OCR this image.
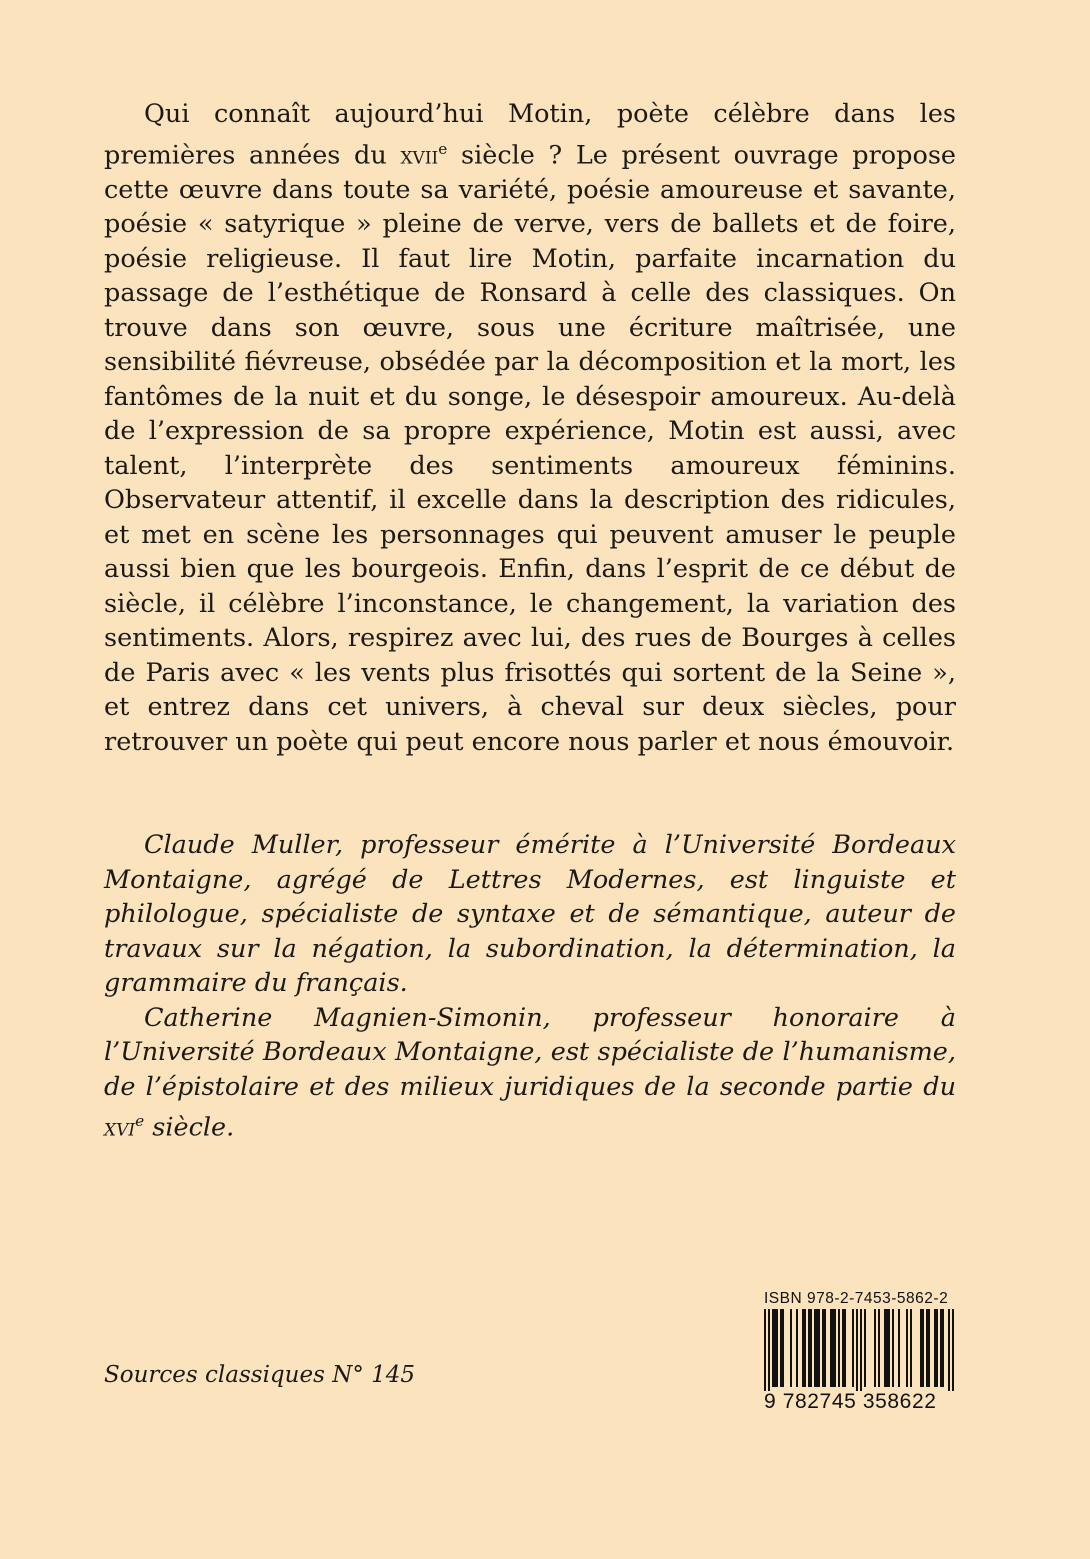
Qui connaît aujourd’hui Motin, poète célèbre dans les premières années du xvii$^e$ siècle ? Le présent ouvrage propose cette œuvre dans toute sa variété, poésie amoureuse et savante, poésie « satyrique » pleine de verve, vers de ballets et de foire, poésie religieuse. Il faut lire Motin, parfaite incarnation du passage de l’esthétique de Ronsard à celle des classiques. On trouve dans son œuvre, sous une écriture maîtrisée, une sensibilité fiévreuse, obsédée par la décomposition et la mort, les fantômes de la nuit et du songe, le désespoir amoureux. Au-delà de l’expression de sa propre expérience, Motin est aussi, avec talent, l’interprète des sentiments amoureux féminins. Observateur attentif, il excelle dans la description des ridicules, et met en scène les personnages qui peuvent amuser le peuple aussi bien que les bourgeois. Enfin, dans l’esprit de ce début de siècle, il célèbre l’inconstance, le changement, la variation des sentiments. Alors, respirez avec lui, des rues de Bourges à celles de Paris avec « les vents plus frisottés qui sortent de la Seine », et entrez dans cet univers, à cheval sur deux siècles, pour retrouver un poète qui peut encore nous parler et nous émouvoir.

Claude Muller, professeur émérite à l’Université Bordeaux Montaigne, agrégé de Lettres Modernes, est linguiste et philologue, spécialiste de syntaxe et de sémantique, auteur de travaux sur la négation, la subordination, la détermination, la grammaire du français.

Catherine Magnien-Simonin, professeur honoraire à l’Université Bordeaux Montaigne, est spécialiste de l’humanisme, de l’épistolaire et des milieux juridiques de la seconde partie du xvi$^e$ siècle.

Sources classiques N° 145

ISBN 978-2-7453-5862-2
9 782745 358622
